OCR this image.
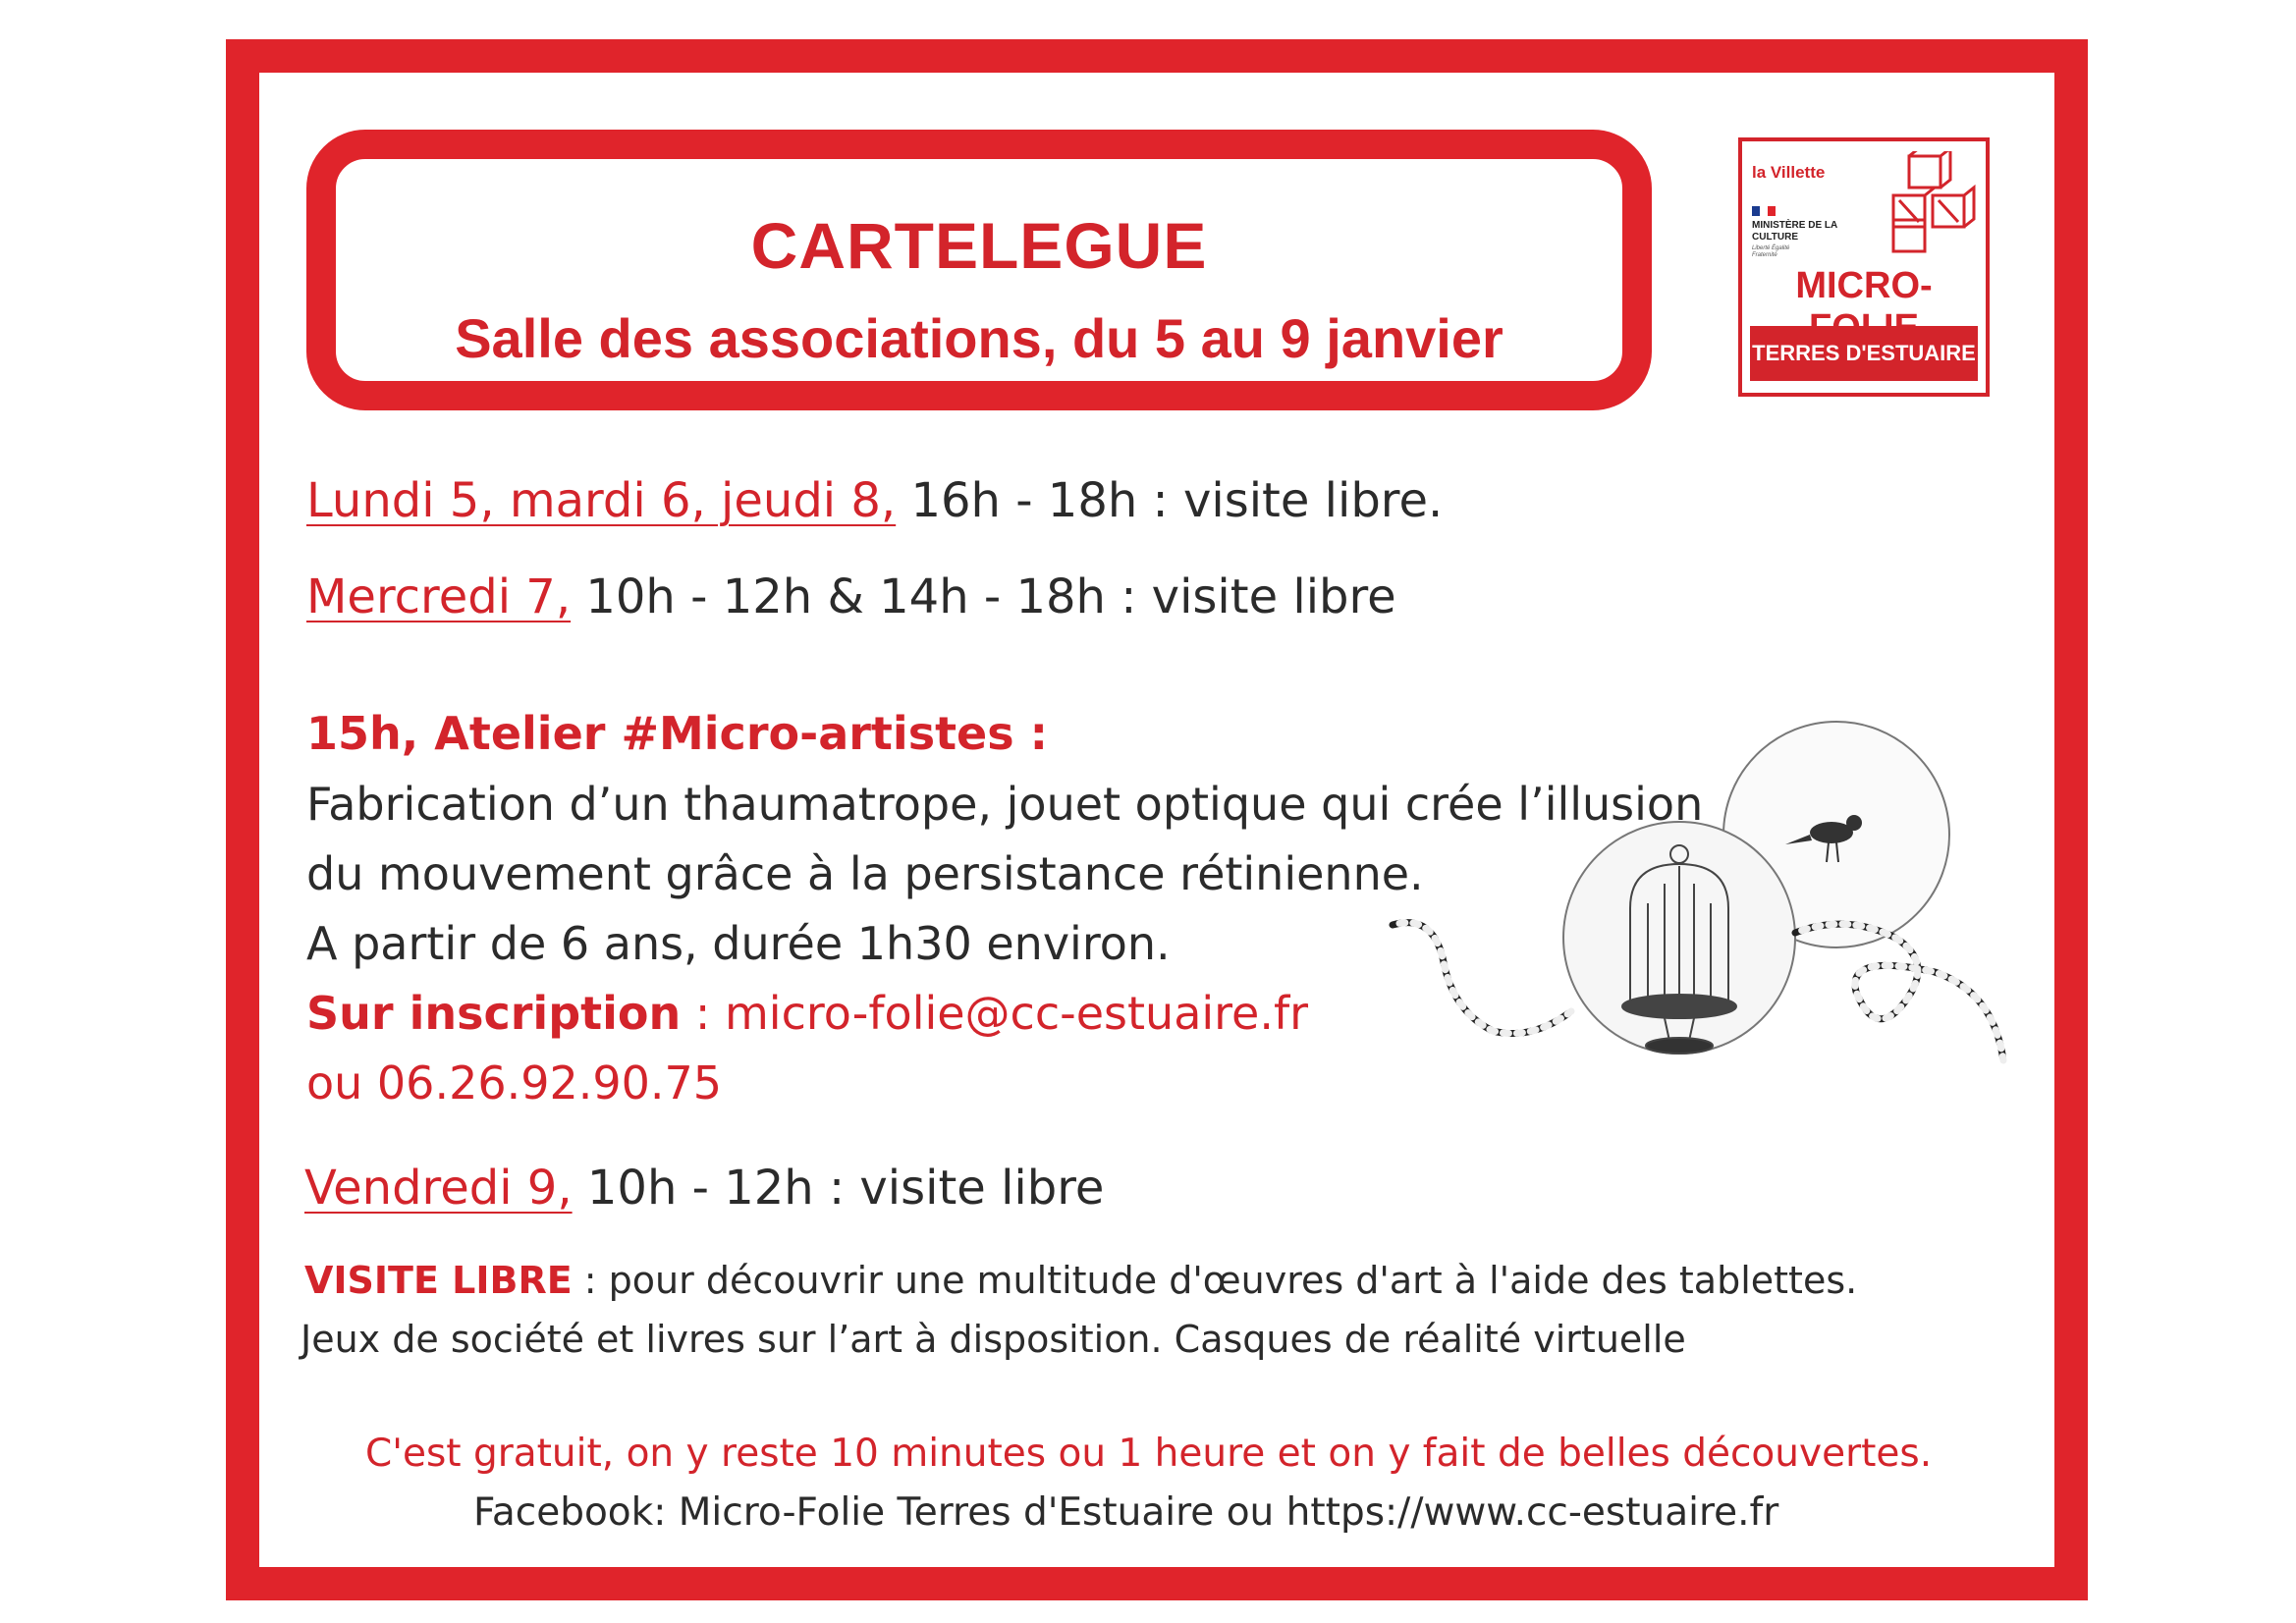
CARTELEGUE
Salle des associations, du 5 au 9 janvier
la Villette
MINISTÈRE DE LA CULTURE
Liberté Égalité Fraternité
MICRO-
TERRES D'ESTUAIRE
Lundi 5, mardi 6, jeudi 8, 16h - 18h : visite libre.
Mercredi 7, 10h - 12h & 14h - 18h : visite libre
15h, Atelier #Micro-artistes :
Fabrication d’un thaumatrope, jouet optique qui crée l’illusion
du mouvement grâce à la persistance rétinienne.
A partir de 6 ans, durée 1h30 environ.
Sur inscription : micro-folie@cc-estuaire.fr
ou 06.26.92.90.75
Vendredi 9, 10h - 12h : visite libre
VISITE LIBRE : pour découvrir une multitude d'œuvres d'art à l'aide des tablettes.
Jeux de société et livres sur l’art à disposition. Casques de réalité virtuelle
C'est gratuit, on y reste 10 minutes ou 1 heure et on y fait de belles découvertes.
Facebook: Micro-Folie Terres d'Estuaire ou https://www.cc-estuaire.fr
